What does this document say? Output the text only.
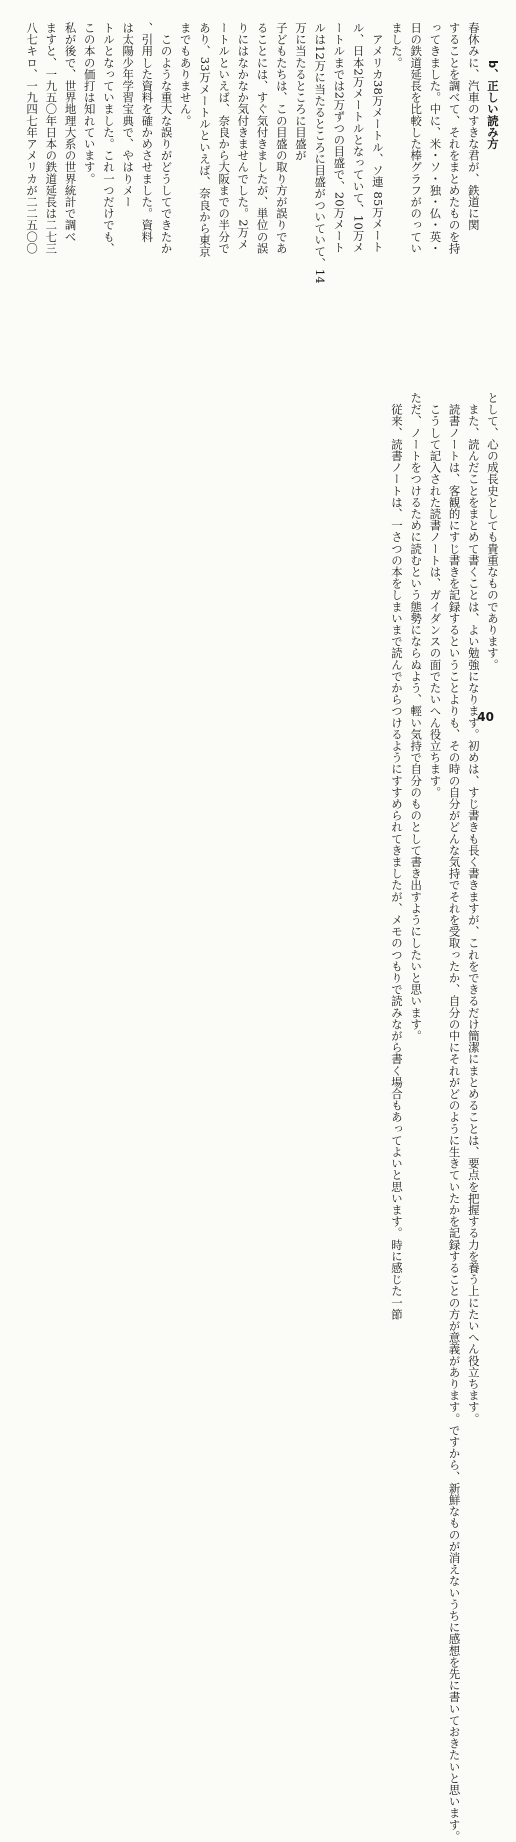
b、正しい読み方
春休みに、汽車のすきな君が、鉄道に関
することを調べて、それをまとめたものを持
ってきました。中に、米・ソ・独・仏・英・
日の鉄道延長を比較した棒グラフがのってい
ました。
　アメリカ38万メートル、ソ連 85万メート
ル、日本2万メートルとなっていて、10万メ
ートルまでは2万ずつの目盛で、20万メート
ルは12万に当たるところに目盛がついていて、14
万に当たるところに目盛が
子どもたちは、この目盛の取り方が誤りであ
ることには、すぐ気付きましたが、単位の誤
りにはなかなか気付きませんでした。2万メ
ートルといえば、奈良から大阪までの半分で
あり、33万メートルといえば、奈良から東京
までもありません。
　このような重大な誤りがどうしてできたか
、引用した資料を確かめさせました。資料
は太陽少年学習宝典で、やはりメー
トルとなっていました。これ一つだけでも、
この本の価打は知れています。
私が後で、世界地理大系の世界統計で調べ
ますと、一九五〇年日本の鉄道延長は二七三
八七キロ、一九四七年アメリカが二二五〇〇
として、心の成長史としても貴重なものであります。
　また、読んだことをまとめて書くことは、よい勉強になります。初めは、すじ書きも長く書きますが、これをできるだけ簡潔にまとめることは、要点を把握する力を養う上にたいへん役立ちます。
　読書ノートは、客観的にすじ書きを記録するということよりも、その時の自分がどんな気持でそれを受取ったか、自分の中にそれがどのように生きていたかを記録することの方が意義があります。ですから、新鮮なものが消えないうちに感想を先に書いておきたいと思います。
　こうして記入された読書ノートは、ガイダンスの面でたいへん役立ちます。
ただ、ノートをつけるために読むという態勢にならぬよう、輕い気持で自分のものとして書き出すようにしたいと思います。
　従来、読書ノートは、一さつの本をしまいまで読んでからつけるようにすすめられてきましたが、メモのつもりで読みながら書く場合もあってよいと思います。時に感じた一節	40
